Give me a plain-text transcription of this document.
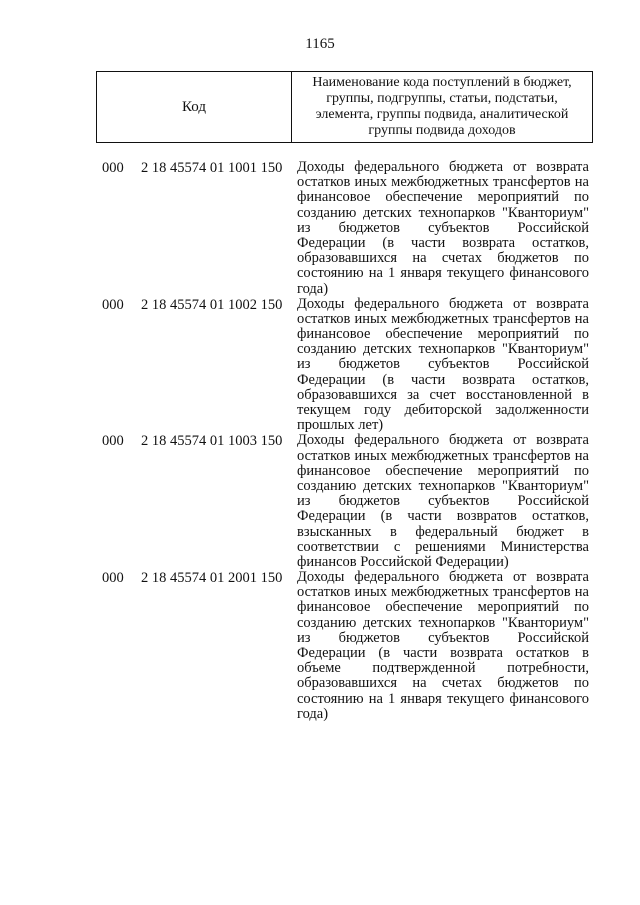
1165
Код
Наименование кода поступлений в бюджет, группы, подгруппы, статьи, подстатьи, элемента, группы подвида, аналитической группы подвида доходов
000 2 18 45574 01 1001 150 Доходы федерального бюджета от возврата
остатков иных межбюджетных трансфертов на
финансовое обеспечение мероприятий по
созданию детских технопарков "Кванториум"
из бюджетов субъектов Российской
Федерации (в части возврата остатков,
образовавшихся на счетах бюджетов по
состоянию на 1 января текущего финансового
года)
000 2 18 45574 01 1002 150 Доходы федерального бюджета от возврата
остатков иных межбюджетных трансфертов на
финансовое обеспечение мероприятий по
созданию детских технопарков "Кванториум"
из бюджетов субъектов Российской
Федерации (в части возврата остатков,
образовавшихся за счет восстановленной в
текущем году дебиторской задолженности
прошлых лет)
000 2 18 45574 01 1003 150 Доходы федерального бюджета от возврата
остатков иных межбюджетных трансфертов на
финансовое обеспечение мероприятий по
созданию детских технопарков "Кванториум"
из бюджетов субъектов Российской
Федерации (в части возвратов остатков,
взысканных в федеральный бюджет в
соответствии с решениями Министерства
финансов Российской Федерации)
000 2 18 45574 01 2001 150 Доходы федерального бюджета от возврата
остатков иных межбюджетных трансфертов на
финансовое обеспечение мероприятий по
созданию детских технопарков "Кванториум"
из бюджетов субъектов Российской
Федерации (в части возврата остатков в
объеме подтвержденной потребности,
образовавшихся на счетах бюджетов по
состоянию на 1 января текущего финансового
года)
